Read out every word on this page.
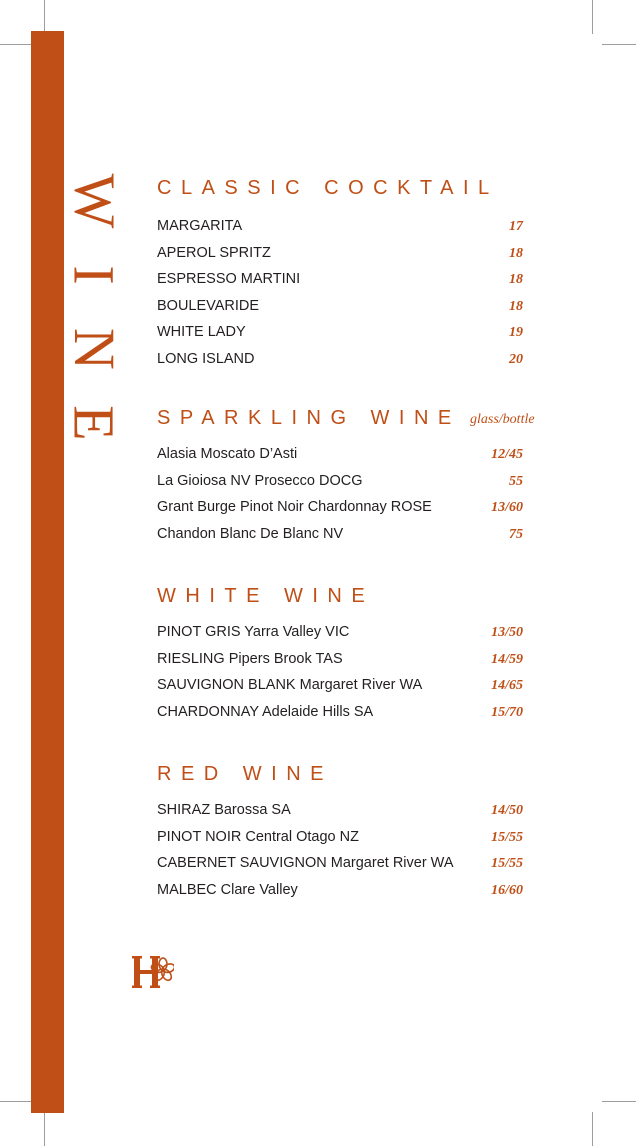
W
I
N
E
CLASSIC COCKTAIL
MARGARITA	17
APEROL SPRITZ	18
ESPRESSO MARTINI	18
BOULEVARIDE	18
WHITE LADY	19
LONG ISLAND	20
SPARKLING WINE glass/bottle
Alasia Moscato D’Asti	12/45
La Gioiosa NV Prosecco DOCG	55
Grant Burge Pinot Noir Chardonnay ROSE	13/60
Chandon Blanc De Blanc NV	75
WHITE WINE
PINOT GRIS Yarra Valley VIC	13/50
RIESLING Pipers Brook TAS	14/59
SAUVIGNON BLANK Margaret River WA	14/65
CHARDONNAY Adelaide Hills SA	15/70
RED WINE
SHIRAZ Barossa SA	14/50
PINOT NOIR Central Otago NZ	15/55
CABERNET SAUVIGNON Margaret River WA	15/55
MALBEC Clare Valley	16/60
